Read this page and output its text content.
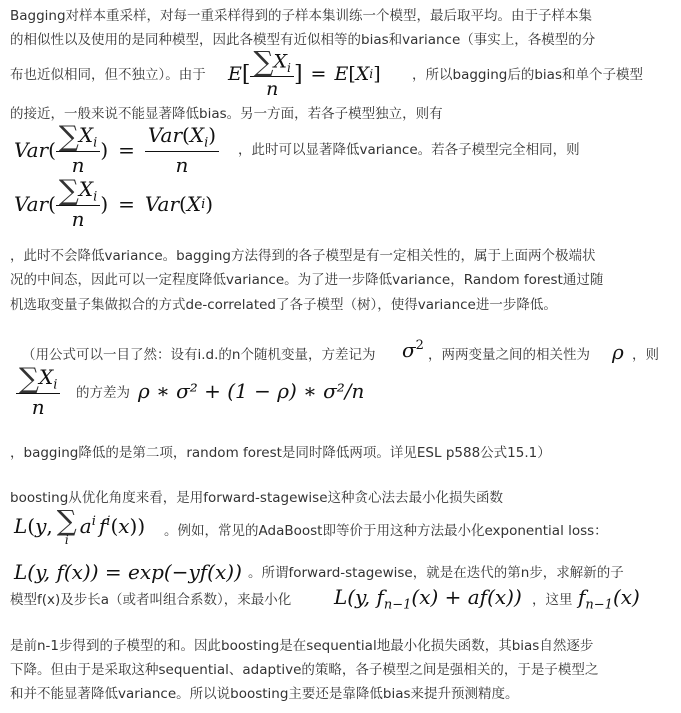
Bagging对样本重采样，对每一重采样得到的子样本集训练一个模型，最后取平均。由于子样本集
的相似性以及使用的是同种模型，因此各模型有近似相等的bias和variance（事实上，各模型的分
布也近似相同，但不独立）。由于 E [ $\frac{\sum X_i}{n}$ ] = E [ X i ] ，所以bagging后的bias和单个子模型
的接近，一般来说不能显著降低bias。另一方面，若各子模型独立，则有
Var ( $\frac{\sum X_i}{n}$ ) = $\frac{Var(X_i)}{n}$ ，此时可以显著降低variance。若各子模型完全相同，则
Var ( $\frac{\sum X_i}{n}$ ) = Var ( X i )
，此时不会降低variance。bagging方法得到的各子模型是有一定相关性的，属于上面两个极端状
况的中间态，因此可以一定程度降低variance。为了进一步降低variance，Random forest通过随
机选取变量子集做拟合的方式de-correlated了各子模型（树），使得variance进一步降低。
（用公式可以一目了然：设有i.d.的n个随机变量，方差记为 $\sigma^2$
，两两变量之间的相关性为 ρ ，则
$\frac{\sum X_i}{n}$ 的方差为 ρ ∗ σ² + (1 − ρ) ∗ σ²/n
，bagging降低的是第二项，random forest是同时降低两项。详见ESL p588公式15.1）
boosting从优化角度来看，是用forward-stagewise这种贪心法去最小化损失函数
L ( y , ∑
i
a i f i ( x ) ) 。例如，常见的AdaBoost即等价于用这种方法最小化exponential loss：
L(y, f(x)) = exp(−yf(x)) 。所谓forward-stagewise，就是在迭代的第n步，求解新的子
模型f(x)及步长a（或者叫组合系数），来最小化 L(y, $f_{n-1}(x) + af(x)$) ，这里 $f_{n-1}(x)$
是前n-1步得到的子模型的和。因此boosting是在sequential地最小化损失函数，其bias自然逐步
下降。但由于是采取这种sequential、adaptive的策略，各子模型之间是强相关的，于是子模型之
和并不能显著降低variance。所以说boosting主要还是靠降低bias来提升预测精度。
